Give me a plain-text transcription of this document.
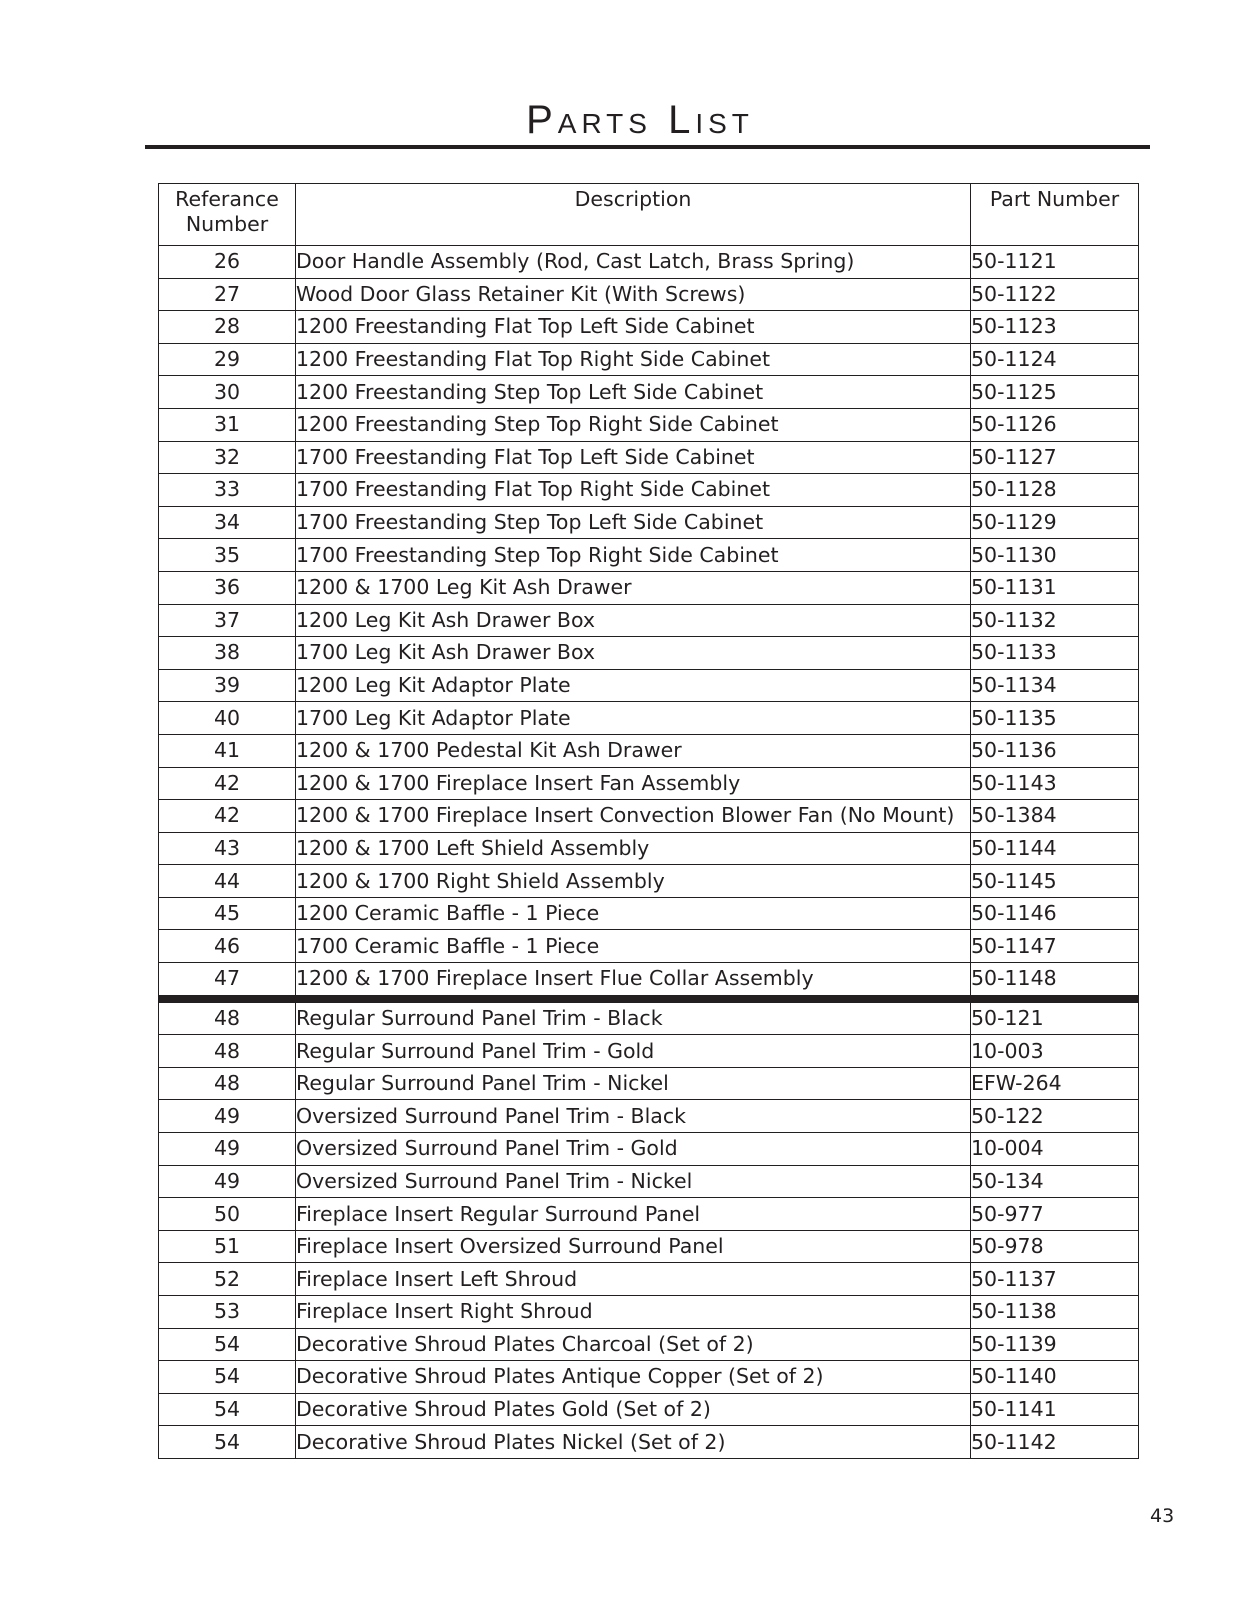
Parts List
Referance Number	Description	Part Number
26	Door Handle Assembly (Rod, Cast Latch, Brass Spring)	50-1121
27	Wood Door Glass Retainer Kit (With Screws)	50-1122
28	1200 Freestanding Flat Top Left Side Cabinet	50-1123
29	1200 Freestanding Flat Top Right Side Cabinet	50-1124
30	1200 Freestanding Step Top Left Side Cabinet	50-1125
31	1200 Freestanding Step Top Right Side Cabinet	50-1126
32	1700 Freestanding Flat Top Left Side Cabinet	50-1127
33	1700 Freestanding Flat Top Right Side Cabinet	50-1128
34	1700 Freestanding Step Top Left Side Cabinet	50-1129
35	1700 Freestanding Step Top Right Side Cabinet	50-1130
36	1200 & 1700 Leg Kit Ash Drawer	50-1131
37	1200 Leg Kit Ash Drawer Box	50-1132
38	1700 Leg Kit Ash Drawer Box	50-1133
39	1200 Leg Kit Adaptor Plate	50-1134
40	1700 Leg Kit Adaptor Plate	50-1135
41	1200 & 1700 Pedestal Kit Ash Drawer	50-1136
42	1200 & 1700 Fireplace Insert Fan Assembly	50-1143
42	1200 & 1700 Fireplace Insert Convection Blower Fan (No Mount)	50-1384
43	1200 & 1700 Left Shield Assembly	50-1144
44	1200 & 1700 Right Shield Assembly	50-1145
45	1200 Ceramic Baffle - 1 Piece	50-1146
46	1700 Ceramic Baffle - 1 Piece	50-1147
47	1200 & 1700 Fireplace Insert Flue Collar Assembly	50-1148
48	Regular Surround Panel Trim - Black	50-121
48	Regular Surround Panel Trim - Gold	10-003
48	Regular Surround Panel Trim - Nickel	EFW-264
49	Oversized Surround Panel Trim - Black	50-122
49	Oversized Surround Panel Trim - Gold	10-004
49	Oversized Surround Panel Trim - Nickel	50-134
50	Fireplace Insert Regular Surround Panel	50-977
51	Fireplace Insert Oversized Surround Panel	50-978
52	Fireplace Insert Left Shroud	50-1137
53	Fireplace Insert Right Shroud	50-1138
54	Decorative Shroud Plates Charcoal (Set of 2)	50-1139
54	Decorative Shroud Plates Antique Copper (Set of 2)	50-1140
54	Decorative Shroud Plates Gold (Set of 2)	50-1141
54	Decorative Shroud Plates Nickel (Set of 2)	50-1142
43
